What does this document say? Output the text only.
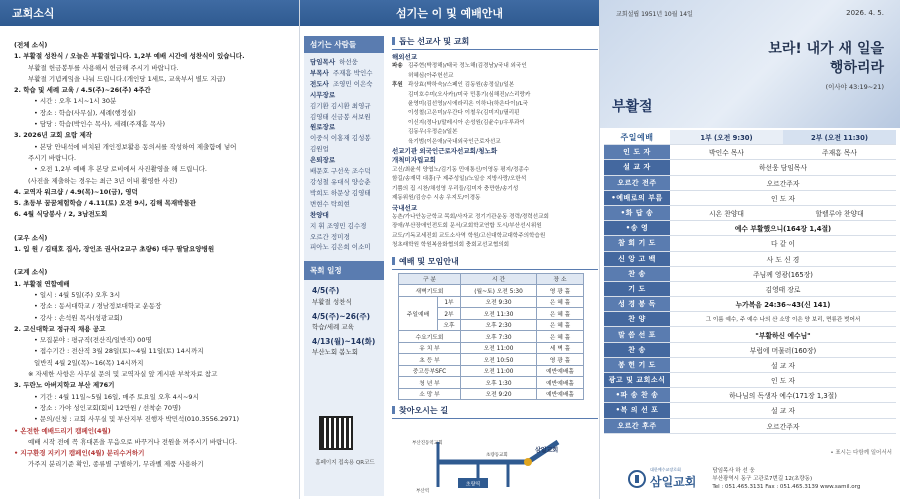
교회소식
(전체 소식)
1. 부활절 성찬식 / 오늘은 부활절입니다. 1,2부 예배 시간에 성찬식이 있습니다.
부활절 헌금봉투를 사용해서 헌금해 주시기 바랍니다.
부활절 기념케잌을 나눠 드립니다.(개인당 1세트, 교육부서 별도 지급)
2. 학습 및 세례 교육 / 4.5(주)~26(주) 4주간
• 시간 : 오후 1시~1시 30분
• 장소 : 학습(사무실), 세례(행정실)
• 담당 : 학습(박인수 목사), 세례(주재흠 목사)
3. 2026년 교회 요람 제작
• 본당 안내석에 비치된 개인정보활용 동의서를 작성하여 제출함에 넣어
주시기 바랍니다.
• 오전 1,2부 예배 후 본당 로비에서 사진촬영을 해 드립니다.
(사진을 제출하는 경우는 최근 3년 이내 촬영한 사진)
4. 교역자 워크샵 / 4.9(목)~10(금), 영덕
5. 초등부 꿈꿈체험학습 / 4.11(토) 오전 9시, 김해 목재박물관
6. 4월 식당봉사 / 2, 3남전도회
(교우 소식)
1. 입 원 / 김태호 집사, 장인조 권사(2교구 초량6) 대구 팔달요양병원
(교계 소식)
1. 부활절 연합예배
• 일시 : 4월 5일(주) 오후 3시
• 장소 : 동서대학교 / 경남정보대학교 운동장
• 강사 : 손석원 목사(성광교회)
2. 고신대학교 정규직 채용 공고
• 모집분야 : 평규직(전산직/일반직) 00명
• 접수기간 : 전산직 3월 28일(토)~4월 11일(토) 14시까지
일반직 4월 2일(목)~16(목) 14시까지
※ 자세한 사항은 사무실 문의 및 교역자실 앞 게시판 부착자료 참고
3. 두란노 아버지학교 부산 제76기
• 기간 : 4월 11일~5월 16일, 매주 토요일 오후 4시~9시
• 장소 : 가야 성인교회(회비 12만원 / 선착순 70명)
• 문의/신청 : 교회 사무실 및 부산지부 진행자 박민석(010.3556.2971)
• 온전한 예배드리기 캠페인(4월)
예배 시작 전에 꼭 휴대폰을 무음으로 바꾸거나 전원을 꺼주시기 바랍니다.
• 지구환경 지키기 캠페인(4월) 분리수거하기
가주지 분리기준 확인, 종류별 구별하기, 무라벨 제품 사용하기
섬기는 이 및 예배안내
섬기는 사람들
담임목사 하선웅
부목사 주재흠 박인수
전도사 조영민 이은숙
시무장로
김기환 김시환 최영규
김영태 신금봉 서보원
원로장로
이중식 이홍재 김성봉
김원업
은퇴장로
배문호 구선욱 조수덕
강성철 유대식 양승춘
박희도 하문상 김영태
변현수 탁희현
찬양대
지 휘 조영민 김수경
오르간 정미경
피아노 김은희 이소미
목회 일정
4/5(주)
부활절 성찬식
4/5(주)~26(주)
학습/세례 교육
4/13(월)~14(화)
부산노회 봄노회
홈페이지 접속용 QR코드
돕는 선교사 및 교회
해외선교
파송 김주현(박정해)/태국 정노해(김경남)/국내 외국인
허혜심(아주헌선교
후원 곽상효(박하숙)/스페인 김동원(송정실)/일본
김미호수미(오사카)/미국 민흥기(심해진)/스리랑카
윤영미(김선영)/시에라리온 이하나(하은다이)/L국
이성철(고은미)/우간다 이철우(김미지)/필리핀
이신지(정나)/말레시아 손성원(김윤수)/우루과이
김동우(우정순)/일본
육기범(이은애)/국내외국인근로자선교
선교기관 외국인근로자선교회/청노화
개척미자립교회
고신/최윤석 양엽노/김기동 민애통신/이영동 평지/정종수
함길/송재덕 대흥(구 제주성일)/노일승 지방사랑/오한석
기쁨의 집 시찬/채성영 우리들/김미자 충만한/송기성
제동위원/김승수 시송 우지도/이경동
국내선교
농촌/가나안농군학교 목회/사자교 정기기관운동 경력/경력선교회
장애/부산장애인전도회 문서/교회학교연합 도시/부산선시위원
교도/기독교세진회 교도소사역 학원/고신대학교대학주의학습원
청초래학원 학원복음화협의회 충회교선교협의회
예배 및 모임안내
구 분		시 간	장 소
새벽기도회		(월~토) 오전 5:30	영 광 홀
주일예배	1부	오전 9:30	은 혜 홀
	2부	오전 11:30	은 혜 홀
	오후	오후 2:30	은 혜 홀
수요기도회		오후 7:30	은 혜 홀
유 치 부		오전 11:00	세 벽 홀
초 등 부		오전 10:50	영 광 홀
중고등부SFC		오전 11:00	예반예배홀
청 년 부		오후 1:30	예반예배홀
소 망 부		오전 9:20	예반예배홀
찾아오시는 길
초량역
삼일교회
부산진동역교회
초량동교회
부산역
교회설립 1951년 10월 14일	2026. 4. 5.
보라! 내가 새 일을
행하리라
(이사야 43:19~21)
부활절
주일예배	1부 (오전 9:30)	2부 (오전 11:30)
인 도 자	박인수 목사	주재흠 목사
설 교 자	하선웅 담임목사
오르간 전주	오르간주자
•예배로의 부름	인 도 자
•화 답 송	시온 찬양대	할렐루야 찬양대
•송 영	예수 부활했으니(164장 1,4절)
참 회 기 도	다 같 이
신 앙 고 백	사 도 신 경
찬 송	주님께 영광(165장)
기 도	김영태 장로
성 경 봉 독	누가복음 24:36~43(신 141)
찬 양	그 이름 예수, 주 예수 나의 산 소망 이은 양 보리, 면류관 벗어서
말 씀 선 포	"부활하신 예수님"
찬 송	부럽에 머물러(160장)
봉 헌 기 도	설 교 자
광고 및 교회소식	인 도 자
•파 송 찬 송	하나님의 독생자 예수(171장 1,3절)
•복 의 선 포	설 교 자
오르간 후주	오르간주자
• 표시는 다함께 일어서서
대한예수교장로회
삼일교회
담임목사 하 선 웅
부산광역시 동구 고관로7번길 12(초량동)
Tel : 051.465.3131 Fax : 051.465.3139 www.samil.org
